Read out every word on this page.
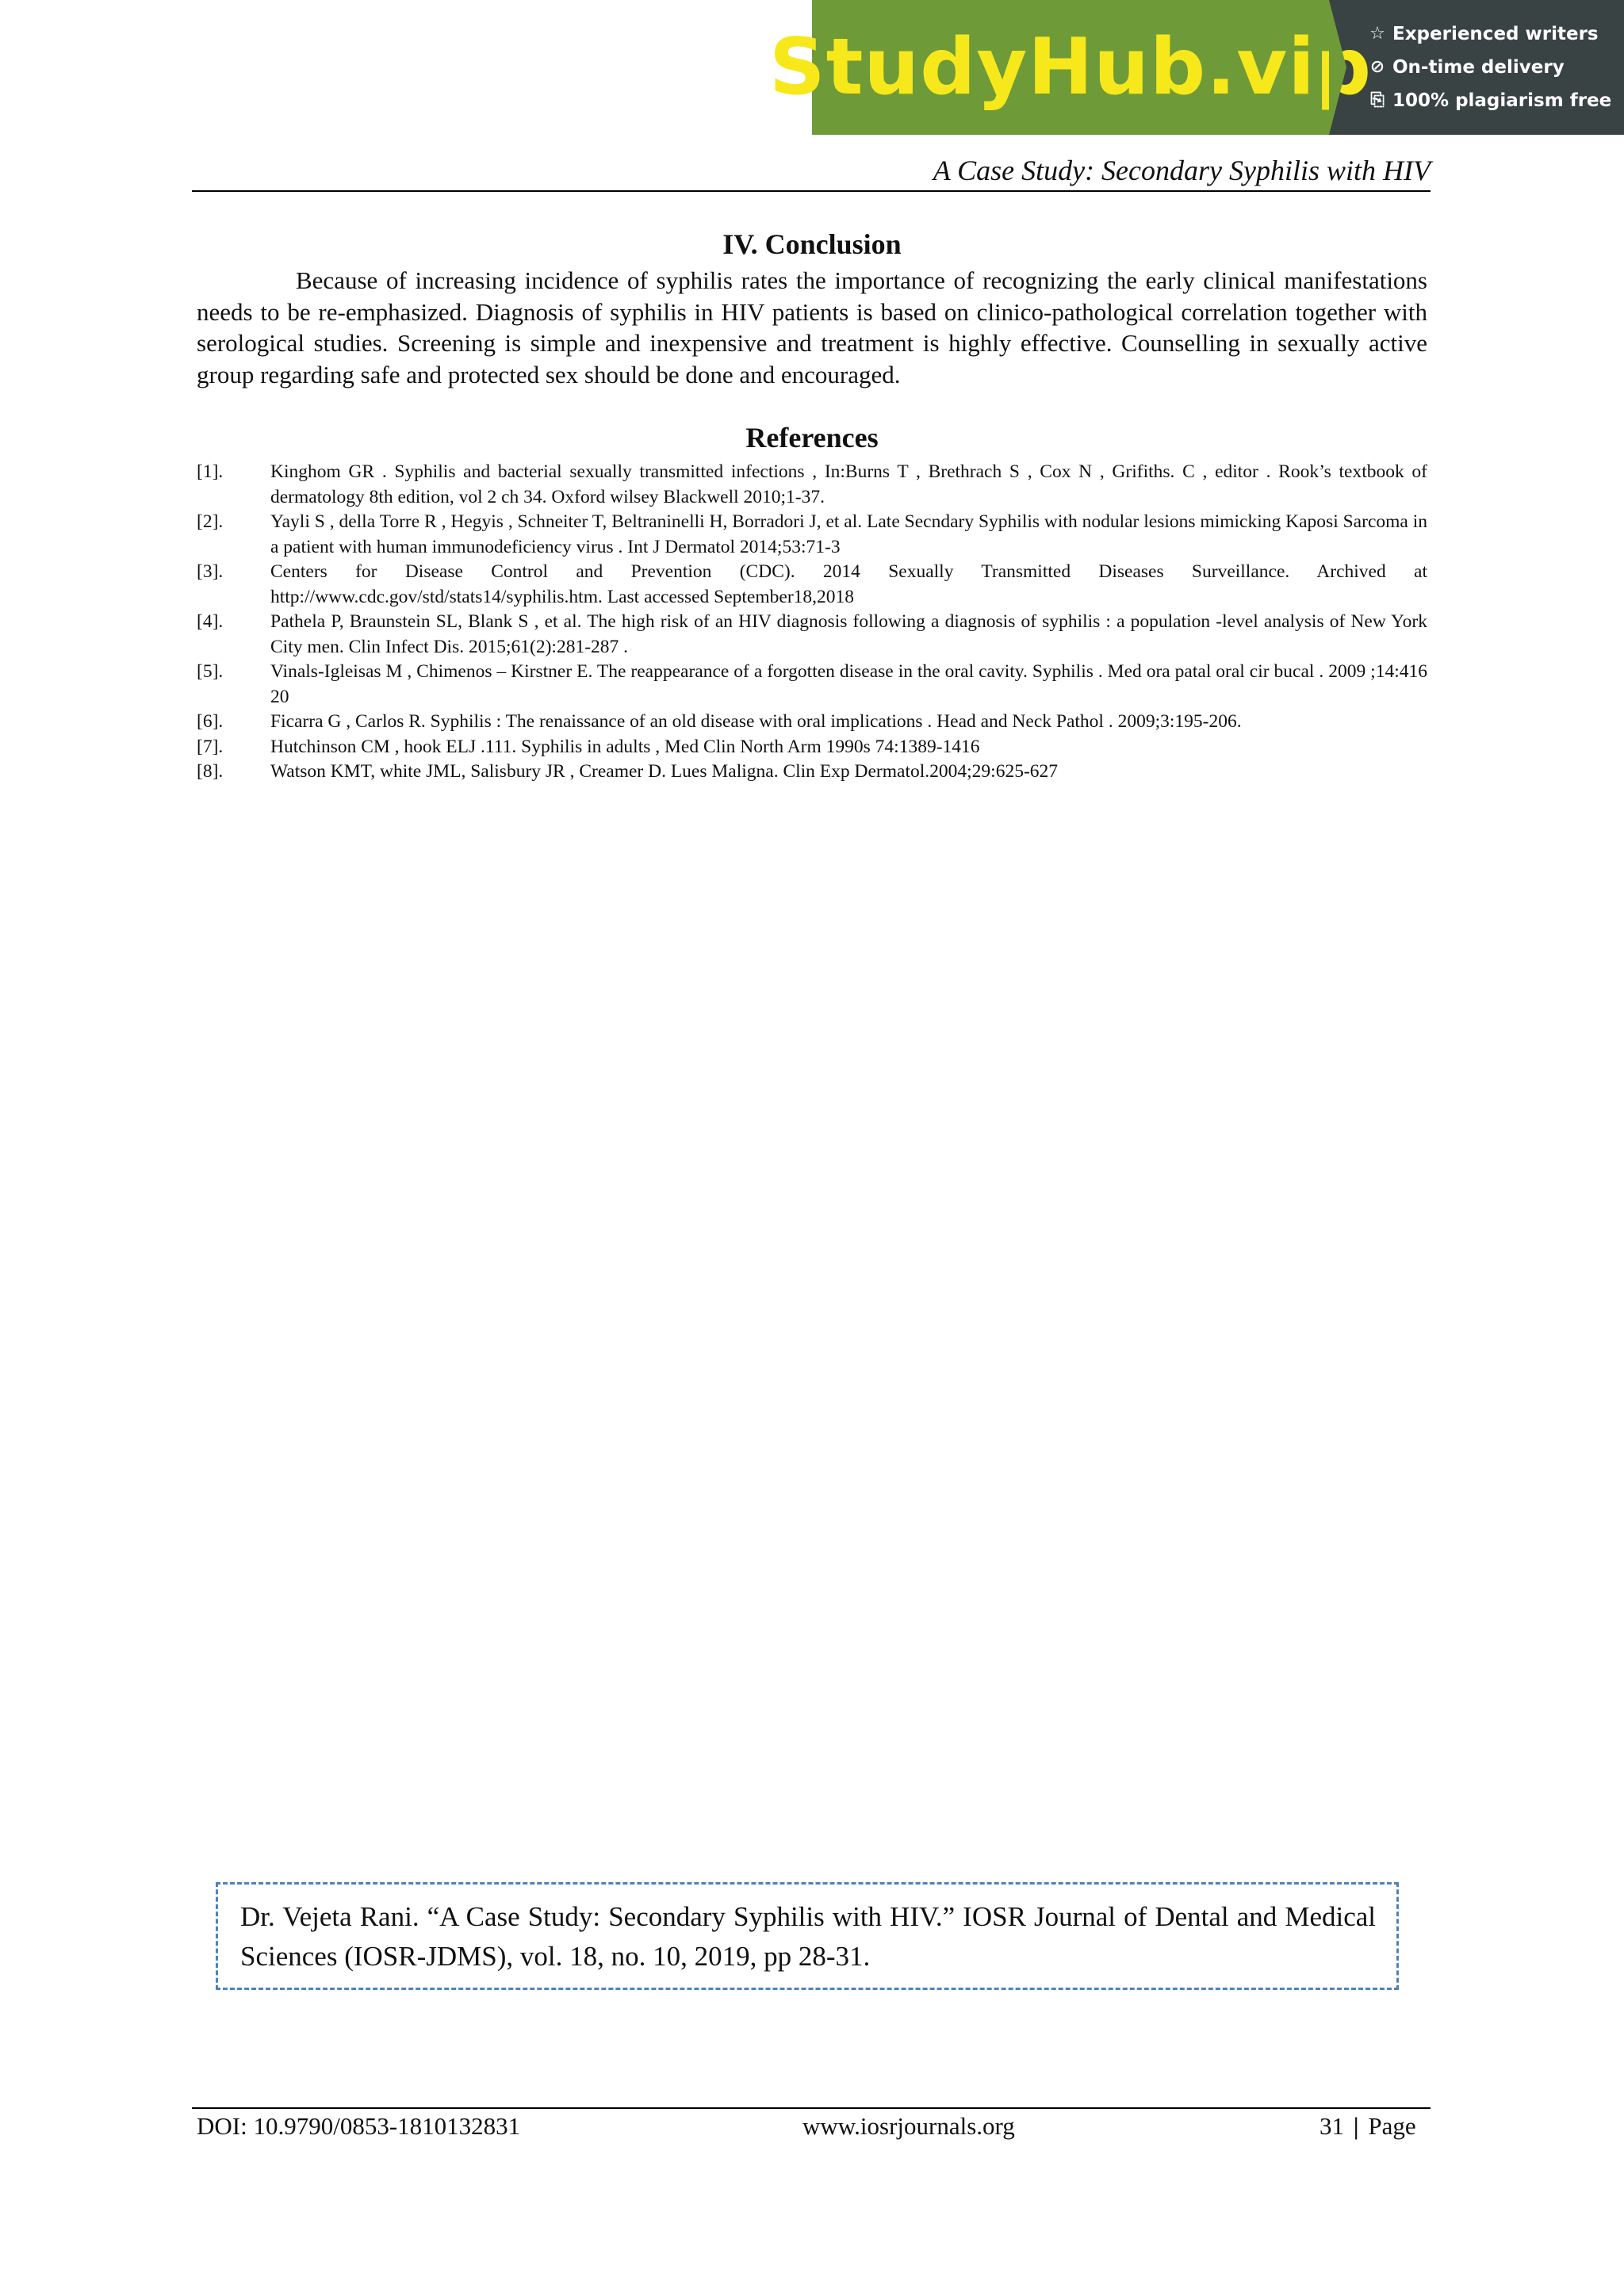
StudyHub.vip
☆ Experienced writers
⊘ On-time delivery
⎘ 100% plagiarism free
A Case Study: Secondary Syphilis with HIV
IV. Conclusion

Because of increasing incidence of syphilis rates the importance of recognizing the early clinical manifestations needs to be re-emphasized. Diagnosis of syphilis in HIV patients is based on clinico-pathological correlation together with serological studies. Screening is simple and inexpensive and treatment is highly effective. Counselling in sexually active group regarding safe and protected sex should be done and encouraged.

References
[1].	Kinghom GR . Syphilis and bacterial sexually transmitted infections , In:Burns T , Brethrach S , Cox N , Grifiths. C , editor . Rook’s textbook of dermatology 8th edition, vol 2 ch 34. Oxford wilsey Blackwell 2010;1-37.
[2].	Yayli S , della Torre R , Hegyis , Schneiter T, Beltraninelli H, Borradori J, et al. Late Secndary Syphilis with nodular lesions mimicking Kaposi Sarcoma in a patient with human immunodeficiency virus . Int J Dermatol 2014;53:71-3
[3].	Centers for Disease Control and Prevention (CDC). 2014 Sexually Transmitted Diseases Surveillance. Archived at http://www.cdc.gov/std/stats14/syphilis.htm. Last accessed September18,2018
[4].	Pathela P, Braunstein SL, Blank S , et al. The high risk of an HIV diagnosis following a diagnosis of syphilis : a population -level analysis of New York City men. Clin Infect Dis. 2015;61(2):281-287 .
[5].	Vinals-Igleisas M , Chimenos – Kirstner E. The reappearance of a forgotten disease in the oral cavity. Syphilis . Med ora patal oral cir bucal . 2009 ;14:416 20
[6].	Ficarra G , Carlos R. Syphilis : The renaissance of an old disease with oral implications . Head and Neck Pathol . 2009;3:195-206.
[7].	Hutchinson CM , hook ELJ .111. Syphilis in adults , Med Clin North Arm 1990s 74:1389-1416
[8].	Watson KMT, white JML, Salisbury JR , Creamer D. Lues Maligna. Clin Exp Dermatol.2004;29:625-627
Dr. Vejeta Rani. “A Case Study: Secondary Syphilis with HIV.” IOSR Journal of Dental and Medical Sciences (IOSR-JDMS), vol. 18, no. 10, 2019, pp 28-31.
DOI: 10.9790/0853-1810132831	www.iosrjournals.org	31 | Page
